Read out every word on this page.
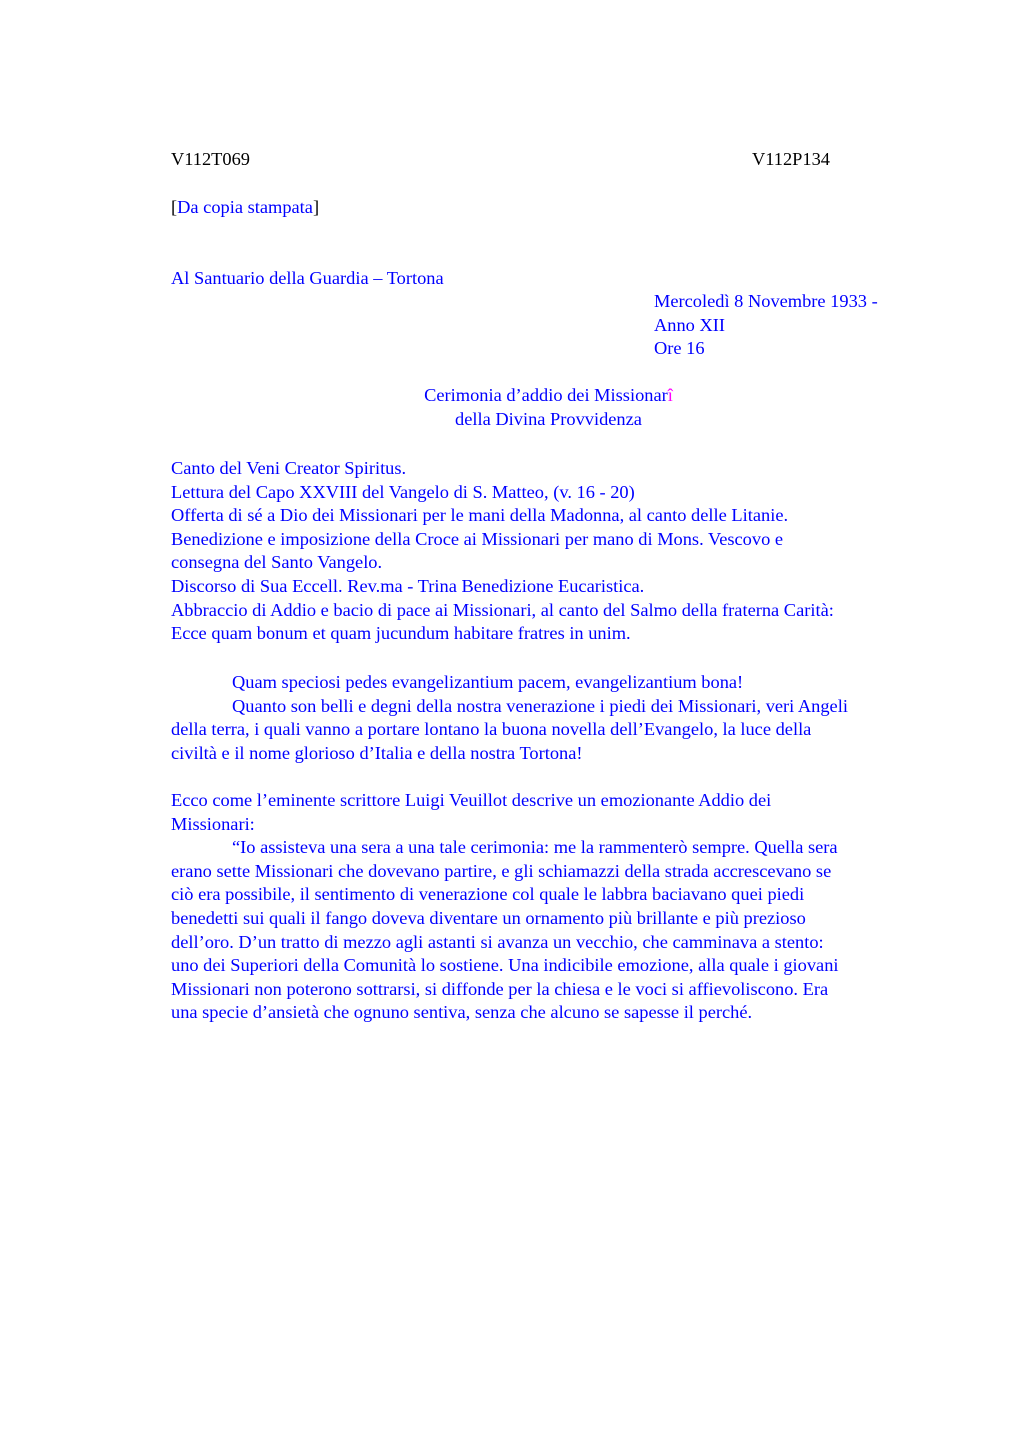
V112T069	V112P134
[Da copia stampata]
Al Santuario della Guardia – Tortona
Mercoledì 8 Novembre 1933 -
Anno XII
Ore 16
Cerimonia d’addio dei Missionarî
della Divina Provvidenza
Canto del Veni Creator Spiritus.
Lettura del Capo XXVIII del Vangelo di S. Matteo, (v. 16 - 20)
Offerta di sé a Dio dei Missionari per le mani della Madonna, al canto delle Litanie.
Benedizione e imposizione della Croce ai Missionari per mano di Mons. Vescovo e
consegna del Santo Vangelo.
Discorso di Sua Eccell. Rev.ma - Trina Benedizione Eucaristica.
Abbraccio di Addio e bacio di pace ai Missionari, al canto del Salmo della fraterna Carità:
Ecce quam bonum et quam jucundum habitare fratres in unim.
Quam speciosi pedes evangelizantium pacem, evangelizantium bona!
Quanto son belli e degni della nostra venerazione i piedi dei Missionari, veri Angeli
della terra, i quali vanno a portare lontano la buona novella dell’Evangelo, la luce della
civiltà e il nome glorioso d’Italia e della nostra Tortona!
Ecco come l’eminente scrittore Luigi Veuillot descrive un emozionante Addio dei
Missionari:
“Io assisteva una sera a una tale cerimonia: me la rammenterò sempre. Quella sera
erano sette Missionari che dovevano partire, e gli schiamazzi della strada accrescevano se
ciò era possibile, il sentimento di venerazione col quale le labbra baciavano quei piedi
benedetti sui quali il fango doveva diventare un ornamento più brillante e più prezioso
dell’oro. D’un tratto di mezzo agli astanti si avanza un vecchio, che camminava a stento:
uno dei Superiori della Comunità lo sostiene. Una indicibile emozione, alla quale i giovani
Missionari non poterono sottrarsi, si diffonde per la chiesa e le voci si affievoliscono. Era
una specie d’ansietà che ognuno sentiva, senza che alcuno se sapesse il perché.
